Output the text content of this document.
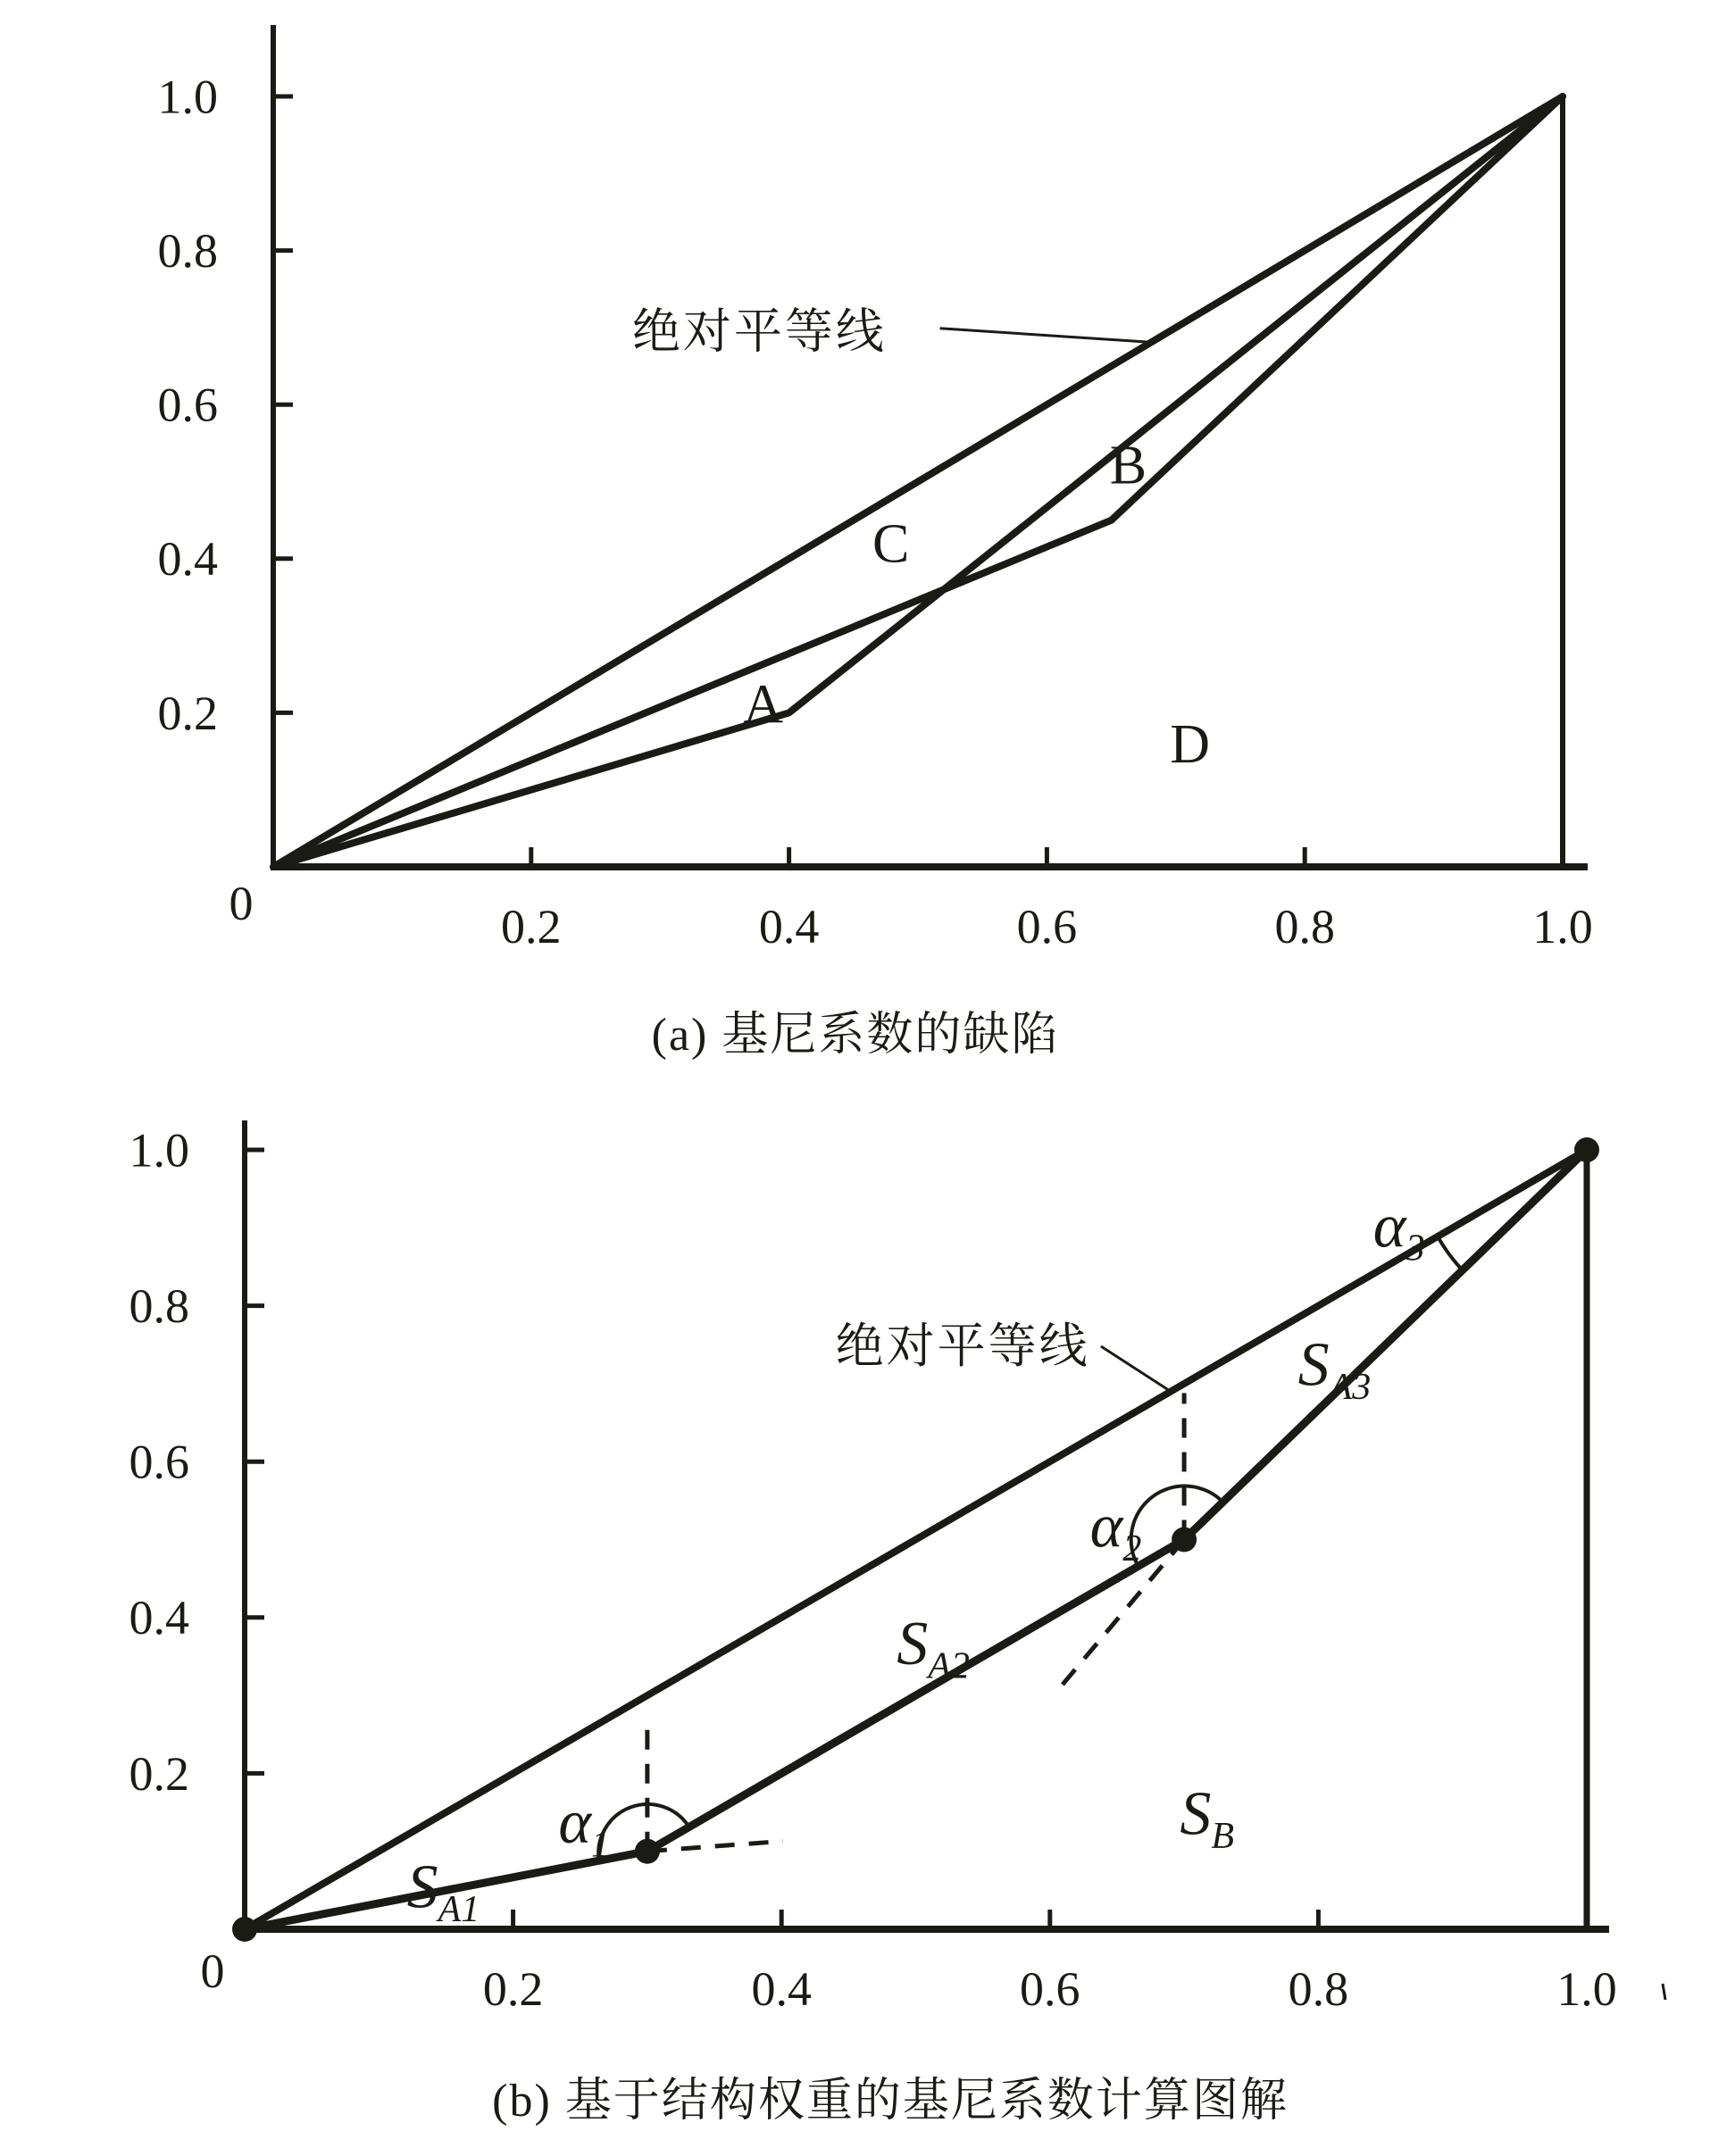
0.2	0.4	0.6	0.8	1.0
0.2
0.4
0.6
0.8
1.0
0
绝对平等线
A
B
C
D
0.2	0.4	0.6	0.8	1.0
0.2
0.4
0.6
0.8
1.0
0
绝对平等线
$\alpha_1$
$\alpha_2$
$\alpha_3$
$S_{A1}$
$S_{A2}$
$S_{A3}$
$S_B$
(a) 基尼系数的缺陷
(b) 基于结构权重的基尼系数计算图解
